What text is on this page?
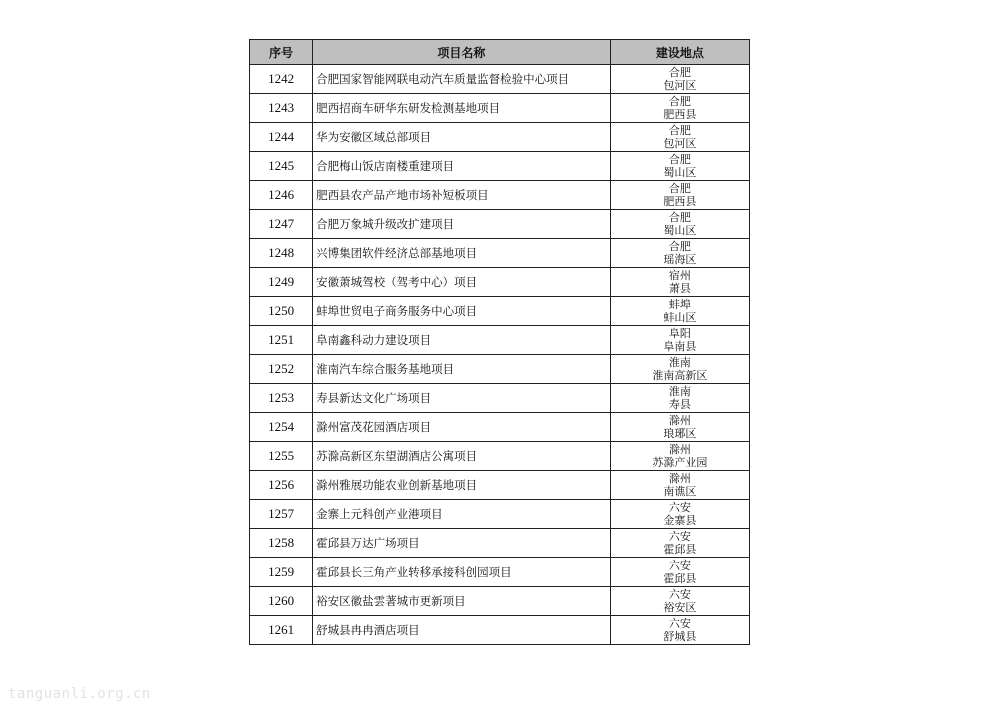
序号	项目名称	建设地点
1242	合肥国家智能网联电动汽车质量监督检验中心项目	合肥
包河区

1243	肥西招商车研华东研发检测基地项目	合肥
肥西县

1244	华为安徽区域总部项目	合肥
包河区

1245	合肥梅山饭店南楼重建项目	合肥
蜀山区

1246	肥西县农产品产地市场补短板项目	合肥
肥西县

1247	合肥万象城升级改扩建项目	合肥
蜀山区

1248	兴博集团软件经济总部基地项目	合肥
瑶海区

1249	安徽萧城驾校（驾考中心）项目	宿州
萧县

1250	蚌埠世贸电子商务服务中心项目	蚌埠
蚌山区

1251	阜南鑫科动力建设项目	阜阳
阜南县

1252	淮南汽车综合服务基地项目	淮南
淮南高新区

1253	寿县新达文化广场项目	淮南
寿县

1254	滁州富茂花园酒店项目	滁州
琅琊区

1255	苏滁高新区东望湖酒店公寓项目	滁州
苏滁产业园

1256	滁州雅展功能农业创新基地项目	滁州
南谯区

1257	金寨上元科创产业港项目	六安
金寨县

1258	霍邱县万达广场项目	六安
霍邱县

1259	霍邱县长三角产业转移承接科创园项目	六安
霍邱县

1260	裕安区徽盐雲著城市更新项目	六安
裕安区

1261	舒城县冉冉酒店项目	六安
舒城县
tanguanli.org.cn
